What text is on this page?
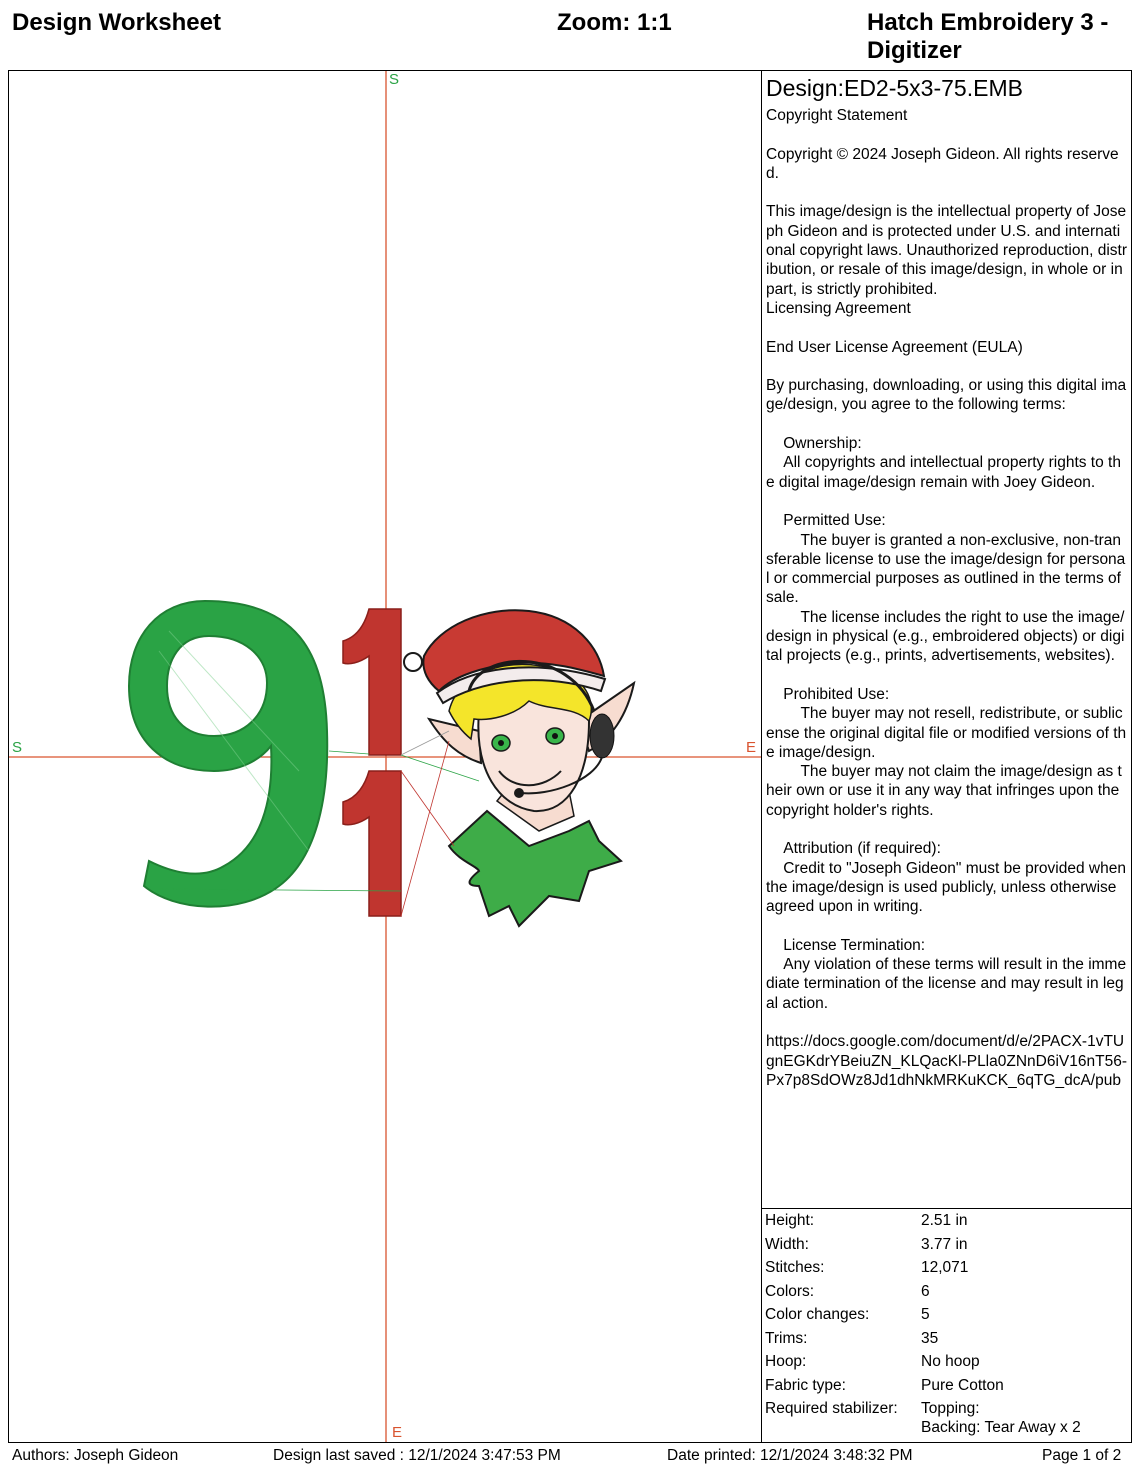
Design Worksheet	Zoom: 1:1	Hatch Embroidery 3 - Digitizer
S
E
S	E
Design:ED2-5x3-75.EMB
Copyright Statement

Copyright © 2024 Joseph Gideon. All rights reserved.

This image/design is the intellectual property of Joseph Gideon and is protected under U.S. and international copyright laws. Unauthorized reproduction, distribution, or resale of this image/design, in whole or in part, is strictly prohibited.
Licensing Agreement

End User License Agreement (EULA)

By purchasing, downloading, or using this digital image/design, you agree to the following terms:

Ownership:
All copyrights and intellectual property rights to the digital image/design remain with Joey Gideon.

Permitted Use:
The buyer is granted a non-exclusive, non-transferable license to use the image/design for personal or commercial purposes as outlined in the terms of sale.
The license includes the right to use the image/design in physical (e.g., embroidered objects) or digital projects (e.g., prints, advertisements, websites).

Prohibited Use:
The buyer may not resell, redistribute, or sublicense the original digital file or modified versions of the image/design.
The buyer may not claim the image/design as their own or use it in any way that infringes upon the copyright holder's rights.

Attribution (if required):
Credit to "Joseph Gideon" must be provided when the image/design is used publicly, unless otherwise agreed upon in writing.

License Termination:
Any violation of these terms will result in the immediate termination of the license and may result in legal action.

https://docs.google.com/document/d/e/2PACX-1vTUgnEGKdrYBeiuZN_KLQacKl-PLla0ZNnD6iV16nT56-Px7p8SdOWz8Jd1dhNkMRKuKCK_6qTG_dcA/pub
Height:	2.51 in
Width:	3.77 in
Stitches:	12,071
Colors:	6
Color changes:	5
Trims:	35
Hoop:	No hoop
Fabric type:	Pure Cotton
Required stabilizer:	Topping:
Backing: Tear Away x 2
Authors: Joseph Gideon	Design last saved : 12/1/2024 3:47:53 PM	Date printed: 12/1/2024 3:48:32 PM	Page 1 of 2
